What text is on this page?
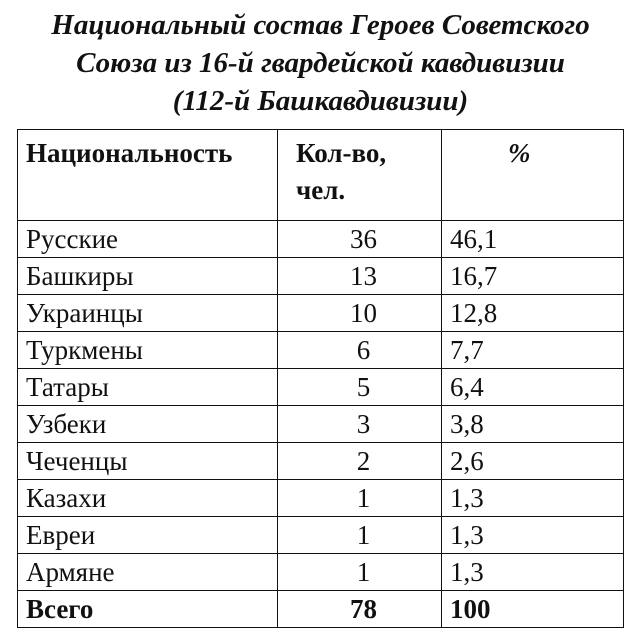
Национальный состав Героев Советского
Союза из 16-й гвардейской кавдивизии
(112-й Башкавдивизии)
Национальность	Кол-во, чел.	%
Русские	36	46,1
Башкиры	13	16,7
Украинцы	10	12,8
Туркмены	6	7,7
Татары	5	6,4
Узбеки	3	3,8
Чеченцы	2	2,6
Казахи	1	1,3
Евреи	1	1,3
Армяне	1	1,3
Всего	78	100
